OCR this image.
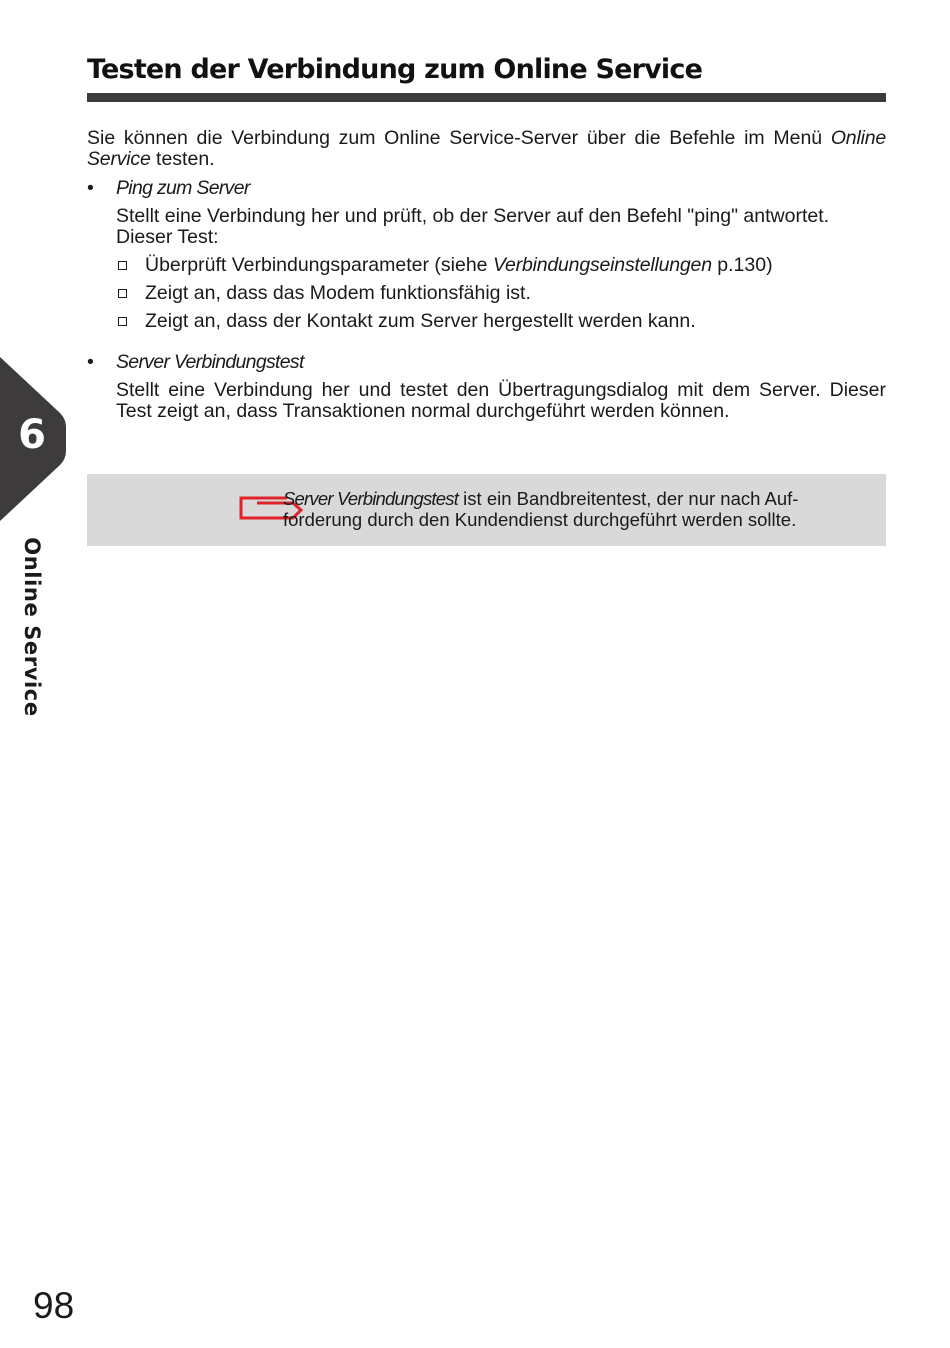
Testen der Verbindung zum Online Service

Sie können die Verbindung zum Online Service-Server über die Befehle im Menü Online Service testen.

• Ping zum Server

Stellt eine Verbindung her und prüft, ob der Server auf den Befehl "ping" antwortet. Dieser Test:

Überprüft Verbindungsparameter (siehe Verbindungseinstellungen p.130)
Zeigt an, dass das Modem funktionsfähig ist.
Zeigt an, dass der Kontakt zum Server hergestellt werden kann.
• Server Verbindungstest

Stellt eine Verbindung her und testet den Übertragungsdialog mit dem Server. Dieser Test zeigt an, dass Transaktionen normal durchgeführt werden können.

Server Verbindungstest ist ein Bandbreitentest, der nur nach Auf-forderung durch den Kundendienst durchgeführt werden sollte.
6
Online Service
98
